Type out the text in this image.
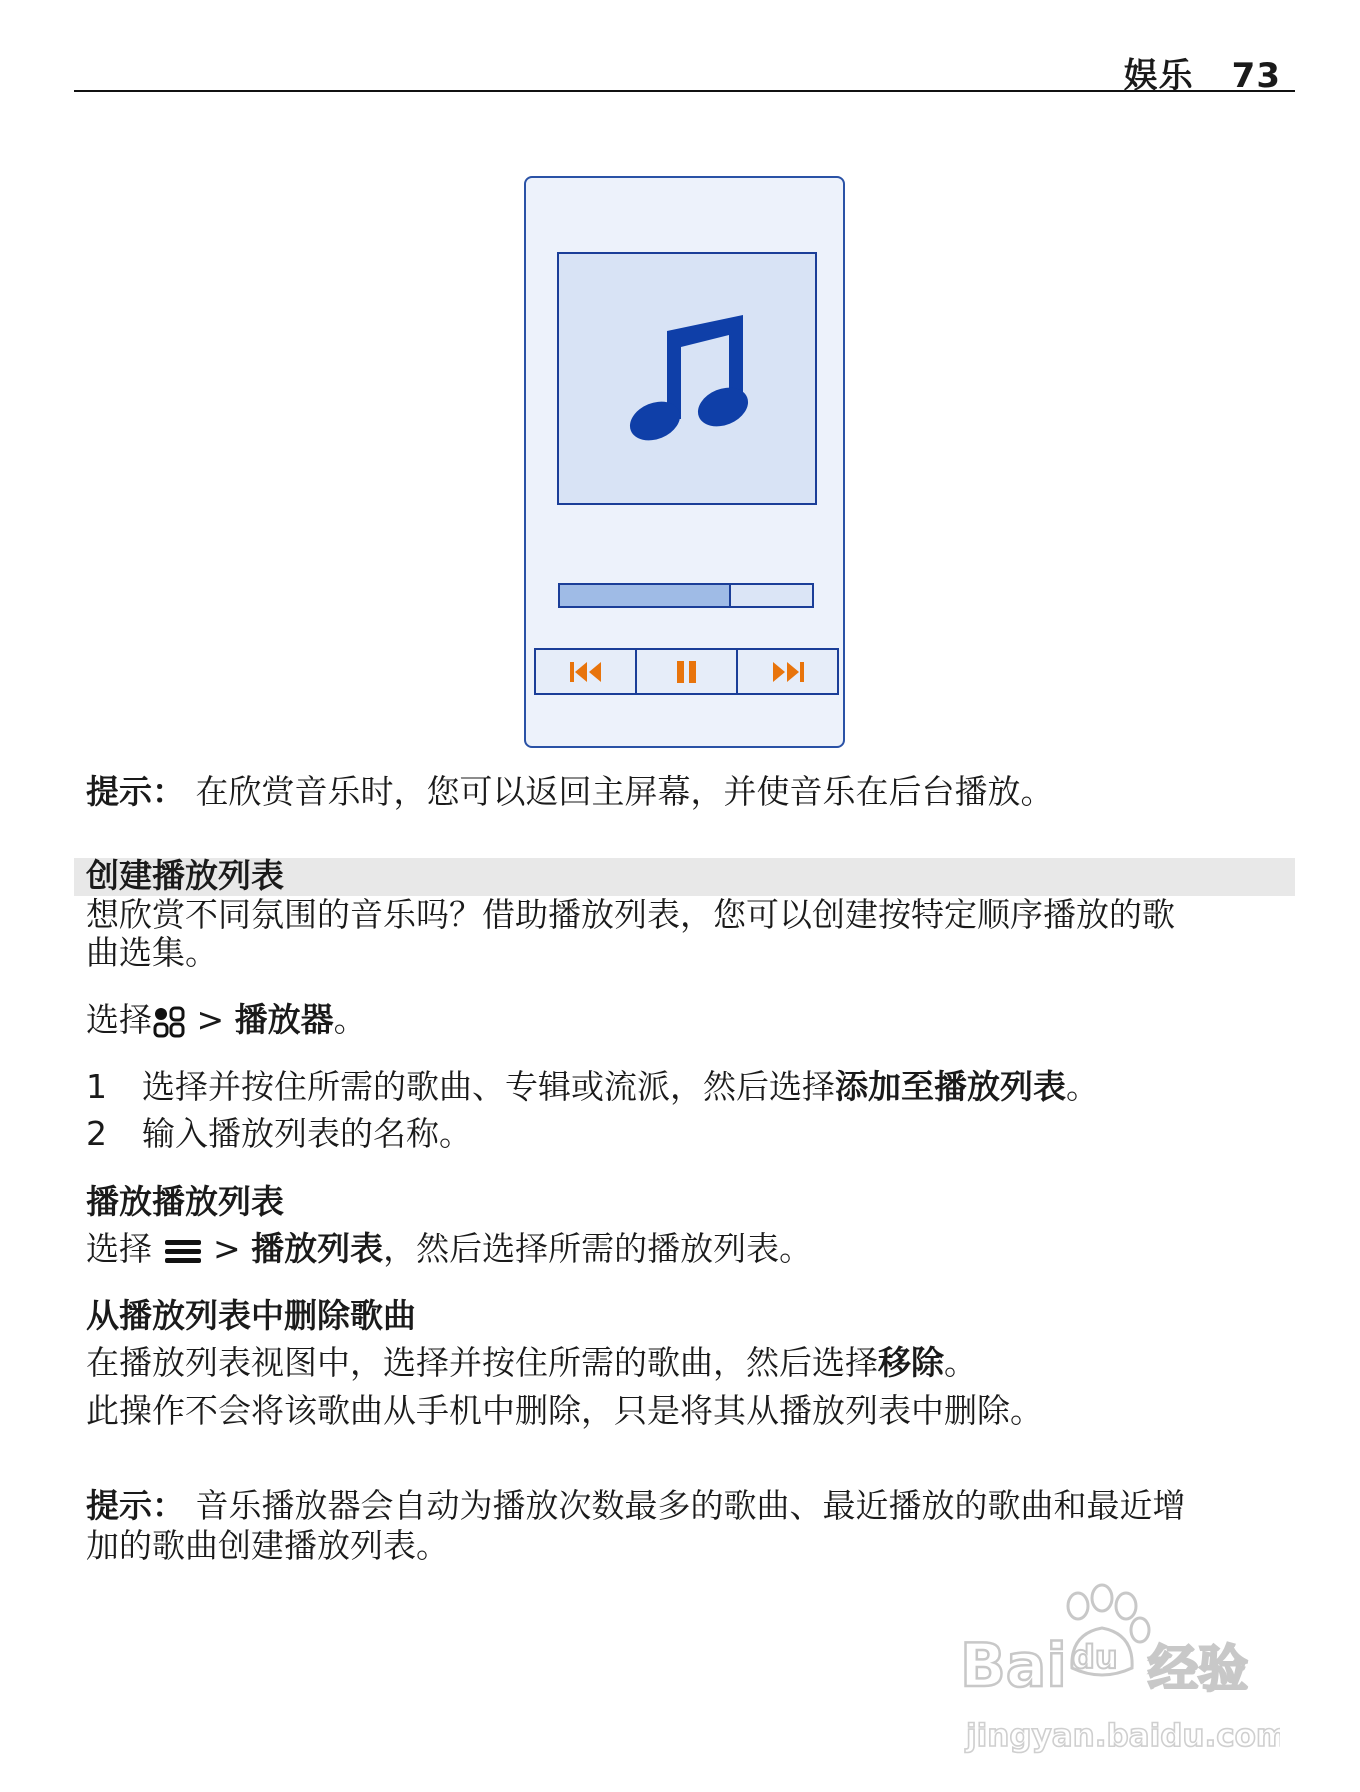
娱乐 73
提示： 在欣赏音乐时，您可以返回主屏幕，并使音乐在后台播放。
创建播放列表
想欣赏不同氛围的音乐吗？借助播放列表，您可以创建按特定顺序播放的歌
曲选集。
选择 > 播放器。
1 选择并按住所需的歌曲、专辑或流派，然后选择添加至播放列表。
2 输入播放列表的名称。
播放播放列表
选择  > 播放列表，然后选择所需的播放列表。
从播放列表中删除歌曲
在播放列表视图中，选择并按住所需的歌曲，然后选择移除。
此操作不会将该歌曲从手机中删除，只是将其从播放列表中删除。
提示： 音乐播放器会自动为播放次数最多的歌曲、最近播放的歌曲和最近增
加的歌曲创建播放列表。
Bai du 经验
jingyan.baidu.com
